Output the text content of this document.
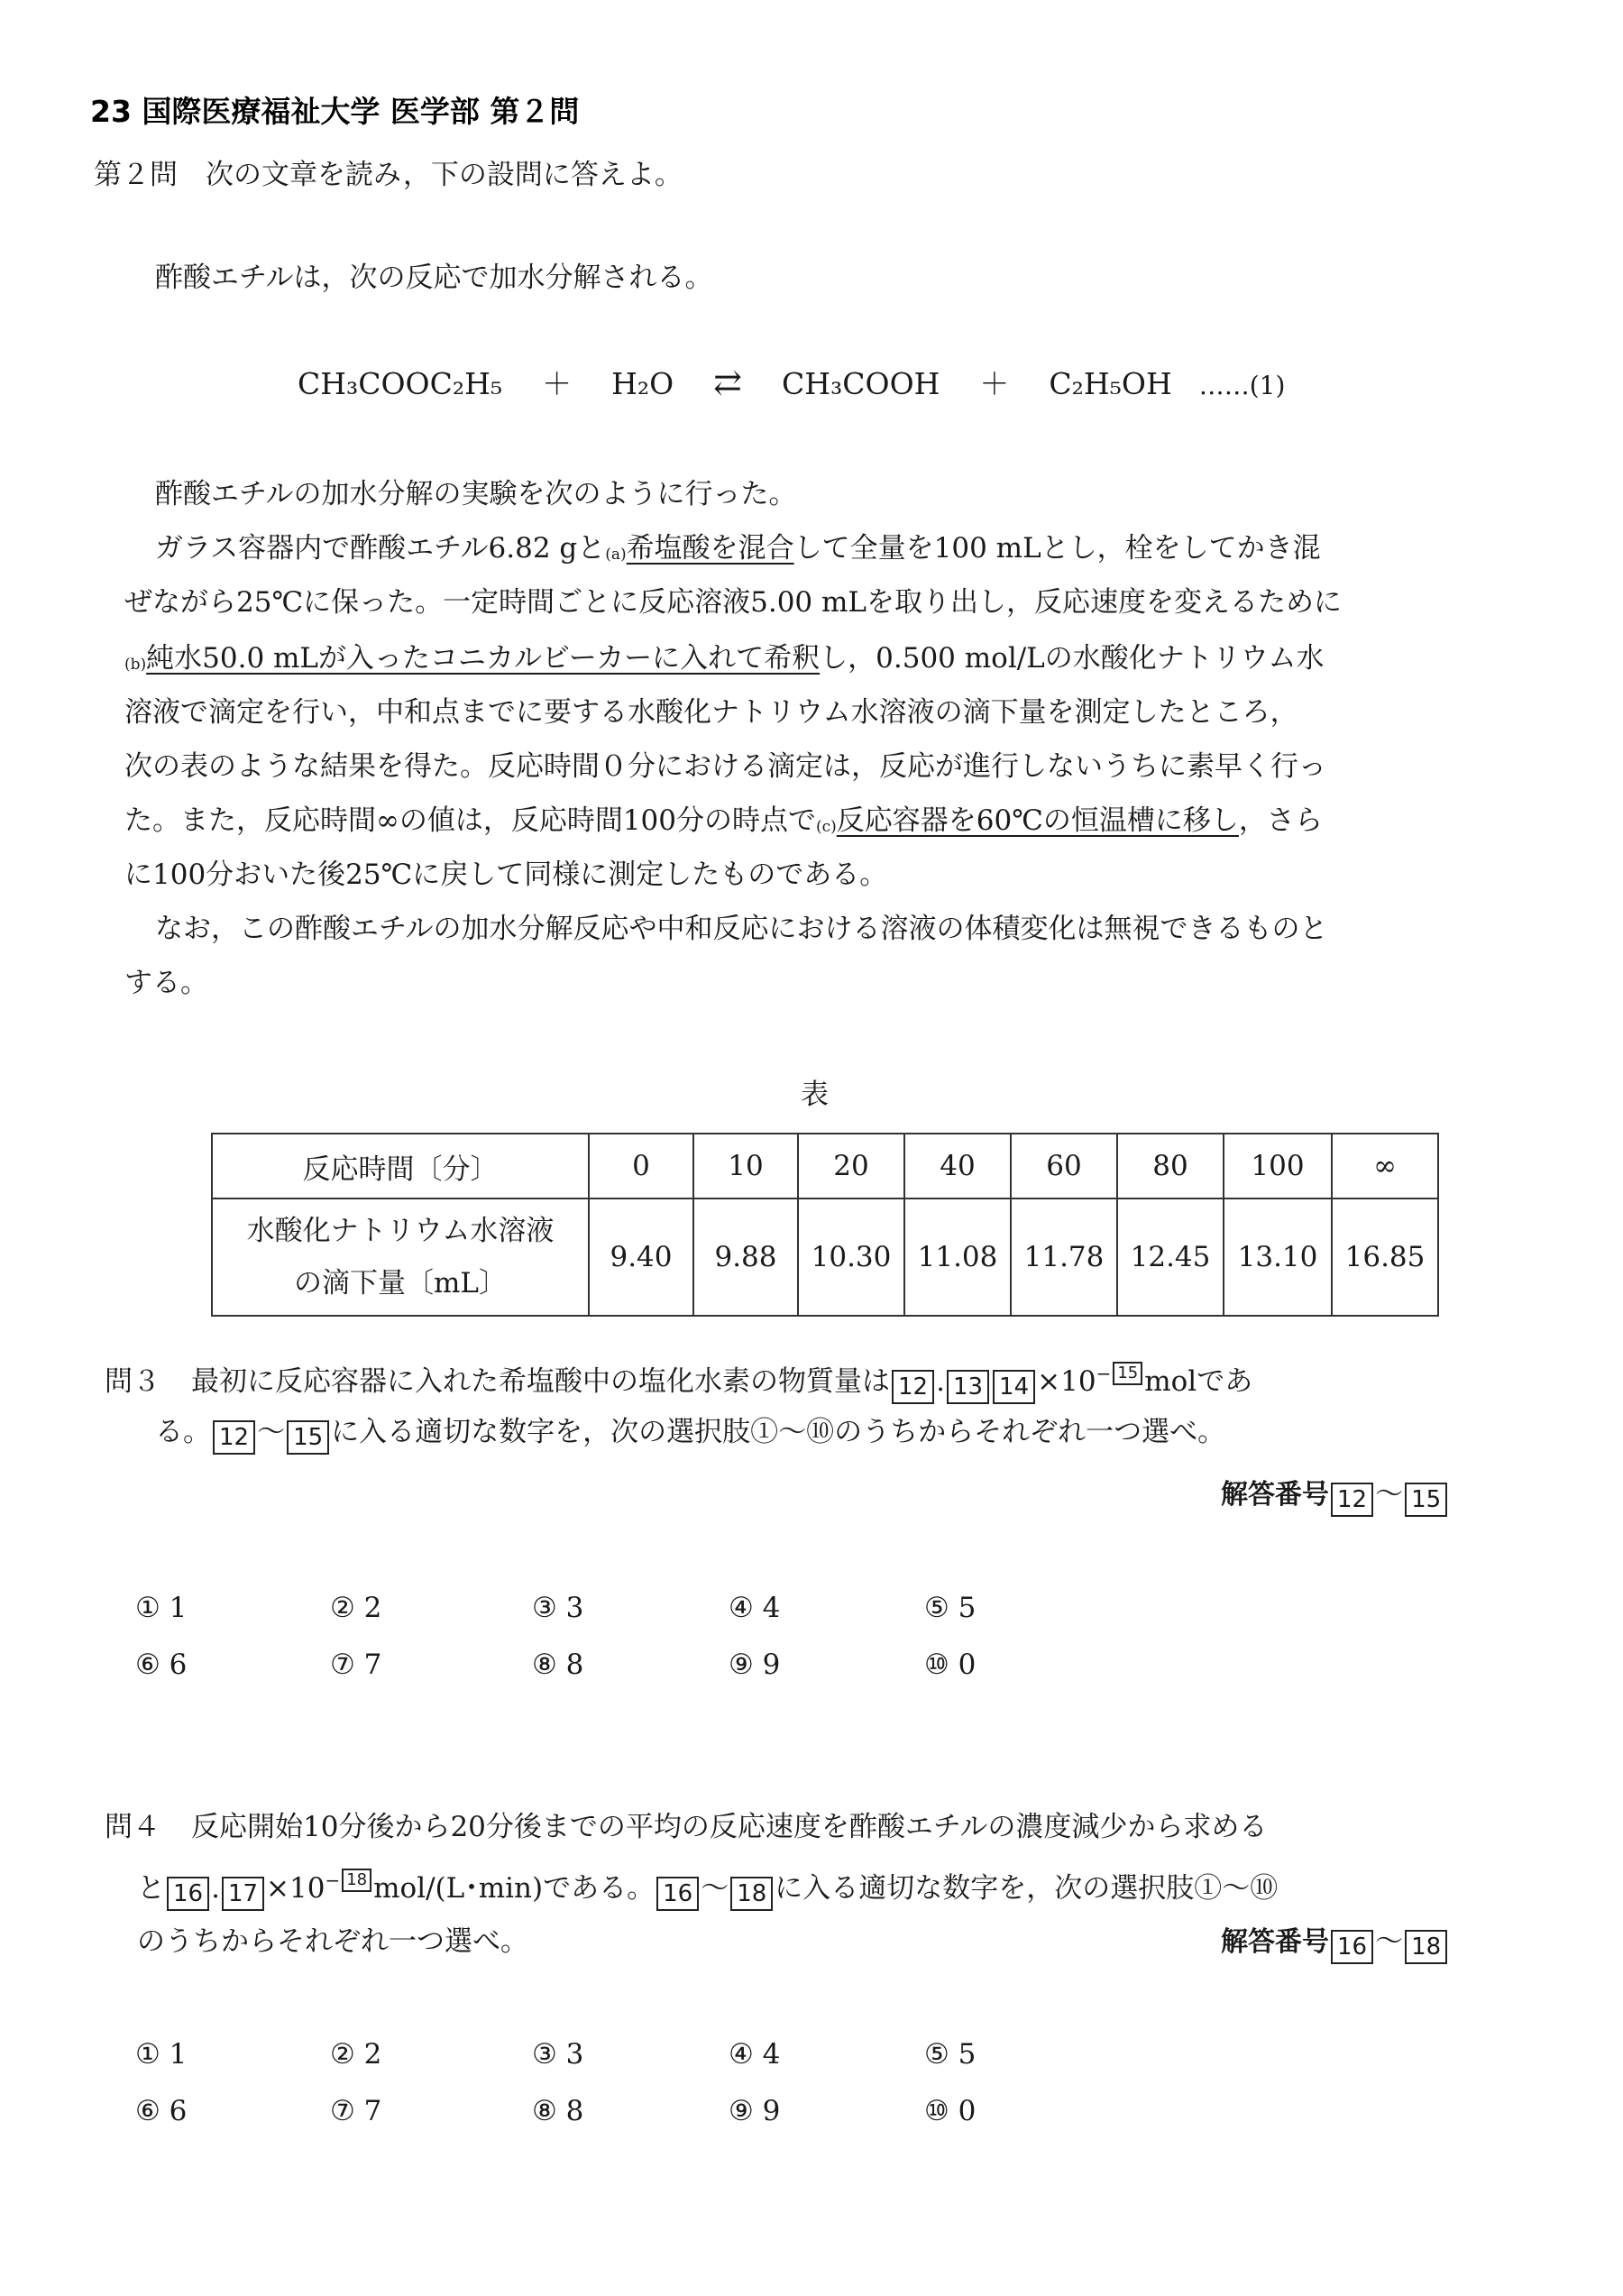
23 国際医療福祉大学 医学部 第２問
第２問　次の文章を読み，下の設問に答えよ。
酢酸エチルは，次の反応で加水分解される。
CH₃COOC₂H₅ ＋ H₂O ⇄ CH₃COOH ＋ C₂H₅OH ……(1)
酢酸エチルの加水分解の実験を次のように行った。
ガラス容器内で酢酸エチル6.82 gと(a)希塩酸を混合して全量を100 mLとし，栓をしてかき混
ぜながら25℃に保った。一定時間ごとに反応溶液5.00 mLを取り出し，反応速度を変えるために
(b)純水50.0 mLが入ったコニカルビーカーに入れて希釈し，0.500 mol/Lの水酸化ナトリウム水
溶液で滴定を行い，中和点までに要する水酸化ナトリウム水溶液の滴下量を測定したところ，
次の表のような結果を得た。反応時間０分における滴定は，反応が進行しないうちに素早く行っ
た。また，反応時間∞の値は，反応時間100分の時点で(c)反応容器を60℃の恒温槽に移し，さら
に100分おいた後25℃に戻して同様に測定したものである。
なお，この酢酸エチルの加水分解反応や中和反応における溶液の体積変化は無視できるものと
する。
表
反応時間〔分〕	0	10	20	40	60	80	100	∞

水酸化ナトリウム水溶液
の滴下量〔mL〕	9.40	9.88	10.30	11.08	11.78	12.45	13.10	16.85
問３ 最初に反応容器に入れた希塩酸中の塩化水素の物質量は 12 . 13 14 ×10− 15 molであ
る。 12 ～ 15 に入る適切な数字を，次の選択肢①～⑩のうちからそれぞれ一つ選べ。
解答番号 12 ～ 15
① 1	② 2	③ 3	④ 4	⑤ 5
⑥ 6	⑦ 7	⑧ 8	⑨ 9	⑩ 0
問４ 反応開始10分後から20分後までの平均の反応速度を酢酸エチルの濃度減少から求める
と 16 . 17 ×10− 18 mol/(L･min)である。 16 ～ 18 に入る適切な数字を，次の選択肢①～⑩
のうちからそれぞれ一つ選べ。	解答番号 16 ～ 18
① 1	② 2	③ 3	④ 4	⑤ 5
⑥ 6	⑦ 7	⑧ 8	⑨ 9	⑩ 0
